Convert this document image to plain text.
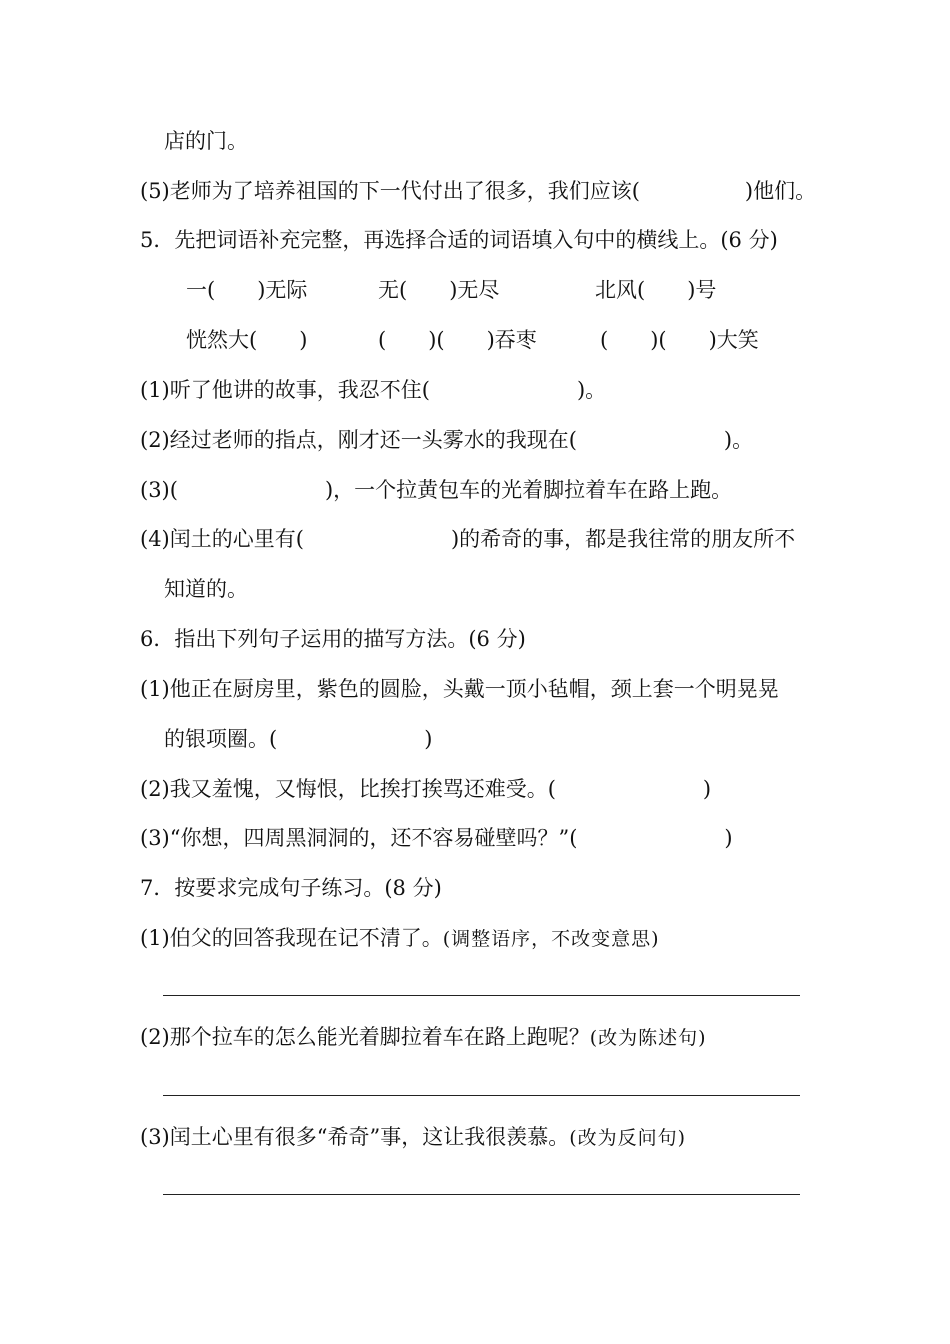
店的门。
(5)老师为了培养祖国的下一代付出了很多，我们应该(　　　　　)他们。
5．先把词语补充完整，再选择合适的词语填入句中的横线上。(6 分)
一(　　)无际	无(　　)无尽	北风(　　)号
恍然大(　　)	(　　)(　　)吞枣	(　　)(　　)大笑
(1)听了他讲的故事，我忍不住(　　　　　　　)。
(2)经过老师的指点，刚才还一头雾水的我现在(　　　　　　　)。
(3)(　　　　　　　)，一个拉黄包车的光着脚拉着车在路上跑。
(4)闰土的心里有(　　　　　　　)的希奇的事，都是我往常的朋友所不
知道的。
6．指出下列句子运用的描写方法。(6 分)
(1)他正在厨房里，紫色的圆脸，头戴一顶小毡帽，颈上套一个明晃晃
的银项圈。(　　　　　　　)
(2)我又羞愧，又悔恨，比挨打挨骂还难受。(　　　　　　　)
(3)“你想，四周黑洞洞的，还不容易碰壁吗？”(　　　　　　　)
7．按要求完成句子练习。(8 分)
(1)伯父的回答我现在记不清了。(调整语序，不改变意思)
(2)那个拉车的怎么能光着脚拉着车在路上跑呢？(改为陈述句)
(3)闰土心里有很多“希奇”事，这让我很羡慕。(改为反问句)
